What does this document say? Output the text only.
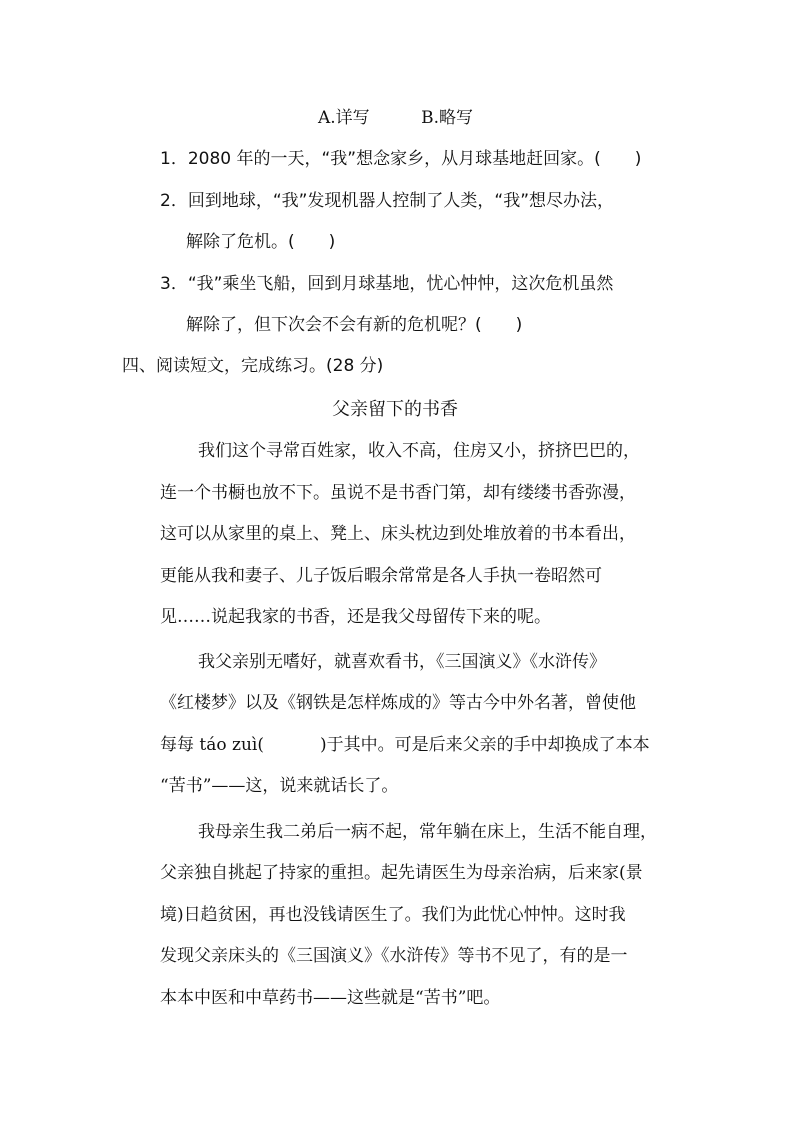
A.详写	B.略写
1．2080 年的一天，“我”想念家乡，从月球基地赶回家。(　　)
2．回到地球，“我”发现机器人控制了人类，“我”想尽办法，
解除了危机。(　　)
3．“我”乘坐飞船，回到月球基地，忧心忡忡，这次危机虽然
解除了，但下次会不会有新的危机呢？(　　)
四、阅读短文，完成练习。(28 分)
父亲留下的书香
我们这个寻常百姓家，收入不高，住房又小，挤挤巴巴的，
连一个书橱也放不下。虽说不是书香门第，却有缕缕书香弥漫，
这可以从家里的桌上、凳上、床头枕边到处堆放着的书本看出，
更能从我和妻子、儿子饭后暇余常常是各人手执一卷昭然可
见……说起我家的书香，还是我父母留传下来的呢。
我父亲别无嗜好，就喜欢看书，《三国演义》《水浒传》
《红楼梦》以及《钢铁是怎样炼成的》等古今中外名著，曾使他
每每 táo zuì(	)于其中。可是后来父亲的手中却换成了本本
“苦书”——这，说来就话长了。
我母亲生我二弟后一病不起，常年躺在床上，生活不能自理，
父亲独自挑起了持家的重担。起先请医生为母亲治病，后来家(景
境)日趋贫困，再也没钱请医生了。我们为此忧心忡忡。这时我
发现父亲床头的《三国演义》《水浒传》等书不见了，有的是一
本本中医和中草药书——这些就是“苦书”吧。
